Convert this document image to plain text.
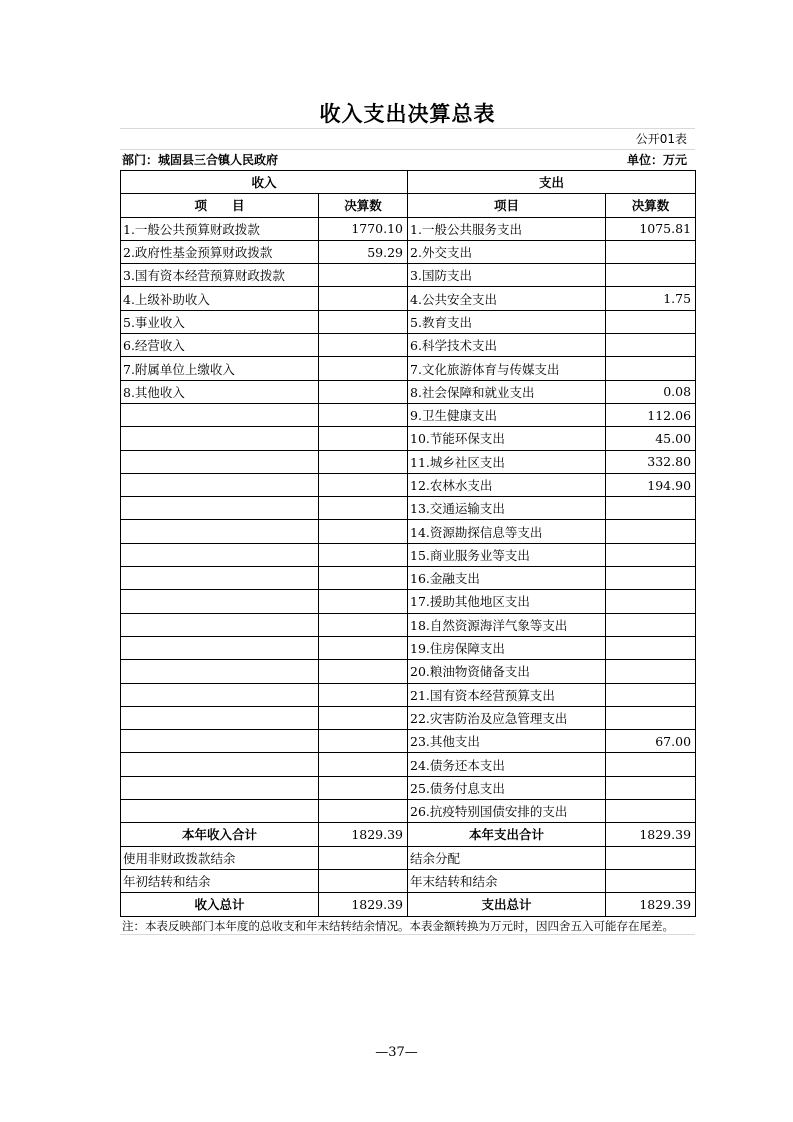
收入支出决算总表
公开01表
部门：城固县三合镇人民政府	单位：万元
收入		支出	
项　　目	决算数	项目	决算数
1.一般公共预算财政拨款	1770.10	1.一般公共服务支出	1075.81
2.政府性基金预算财政拨款	59.29	2.外交支出	
3.国有资本经营预算财政拨款		3.国防支出	
4.上级补助收入		4.公共安全支出	1.75
5.事业收入		5.教育支出	
6.经营收入		6.科学技术支出	
7.附属单位上缴收入		7.文化旅游体育与传媒支出	
8.其他收入		8.社会保障和就业支出	0.08
		9.卫生健康支出	112.06
		10.节能环保支出	45.00
		11.城乡社区支出	332.80
		12.农林水支出	194.90
		13.交通运输支出	
		14.资源勘探信息等支出	
		15.商业服务业等支出	
		16.金融支出	
		17.援助其他地区支出	
		18.自然资源海洋气象等支出	
		19.住房保障支出	
		20.粮油物资储备支出	
		21.国有资本经营预算支出	
		22.灾害防治及应急管理支出	
		23.其他支出	67.00
		24.债务还本支出	
		25.债务付息支出	
		26.抗疫特别国债安排的支出	
本年收入合计	1829.39	本年支出合计	1829.39
使用非财政拨款结余		结余分配	
年初结转和结余		年末结转和结余	
收入总计	1829.39	支出总计	1829.39
注：本表反映部门本年度的总收支和年末结转结余情况。本表金额转换为万元时，因四舍五入可能存在尾差。
—37—
